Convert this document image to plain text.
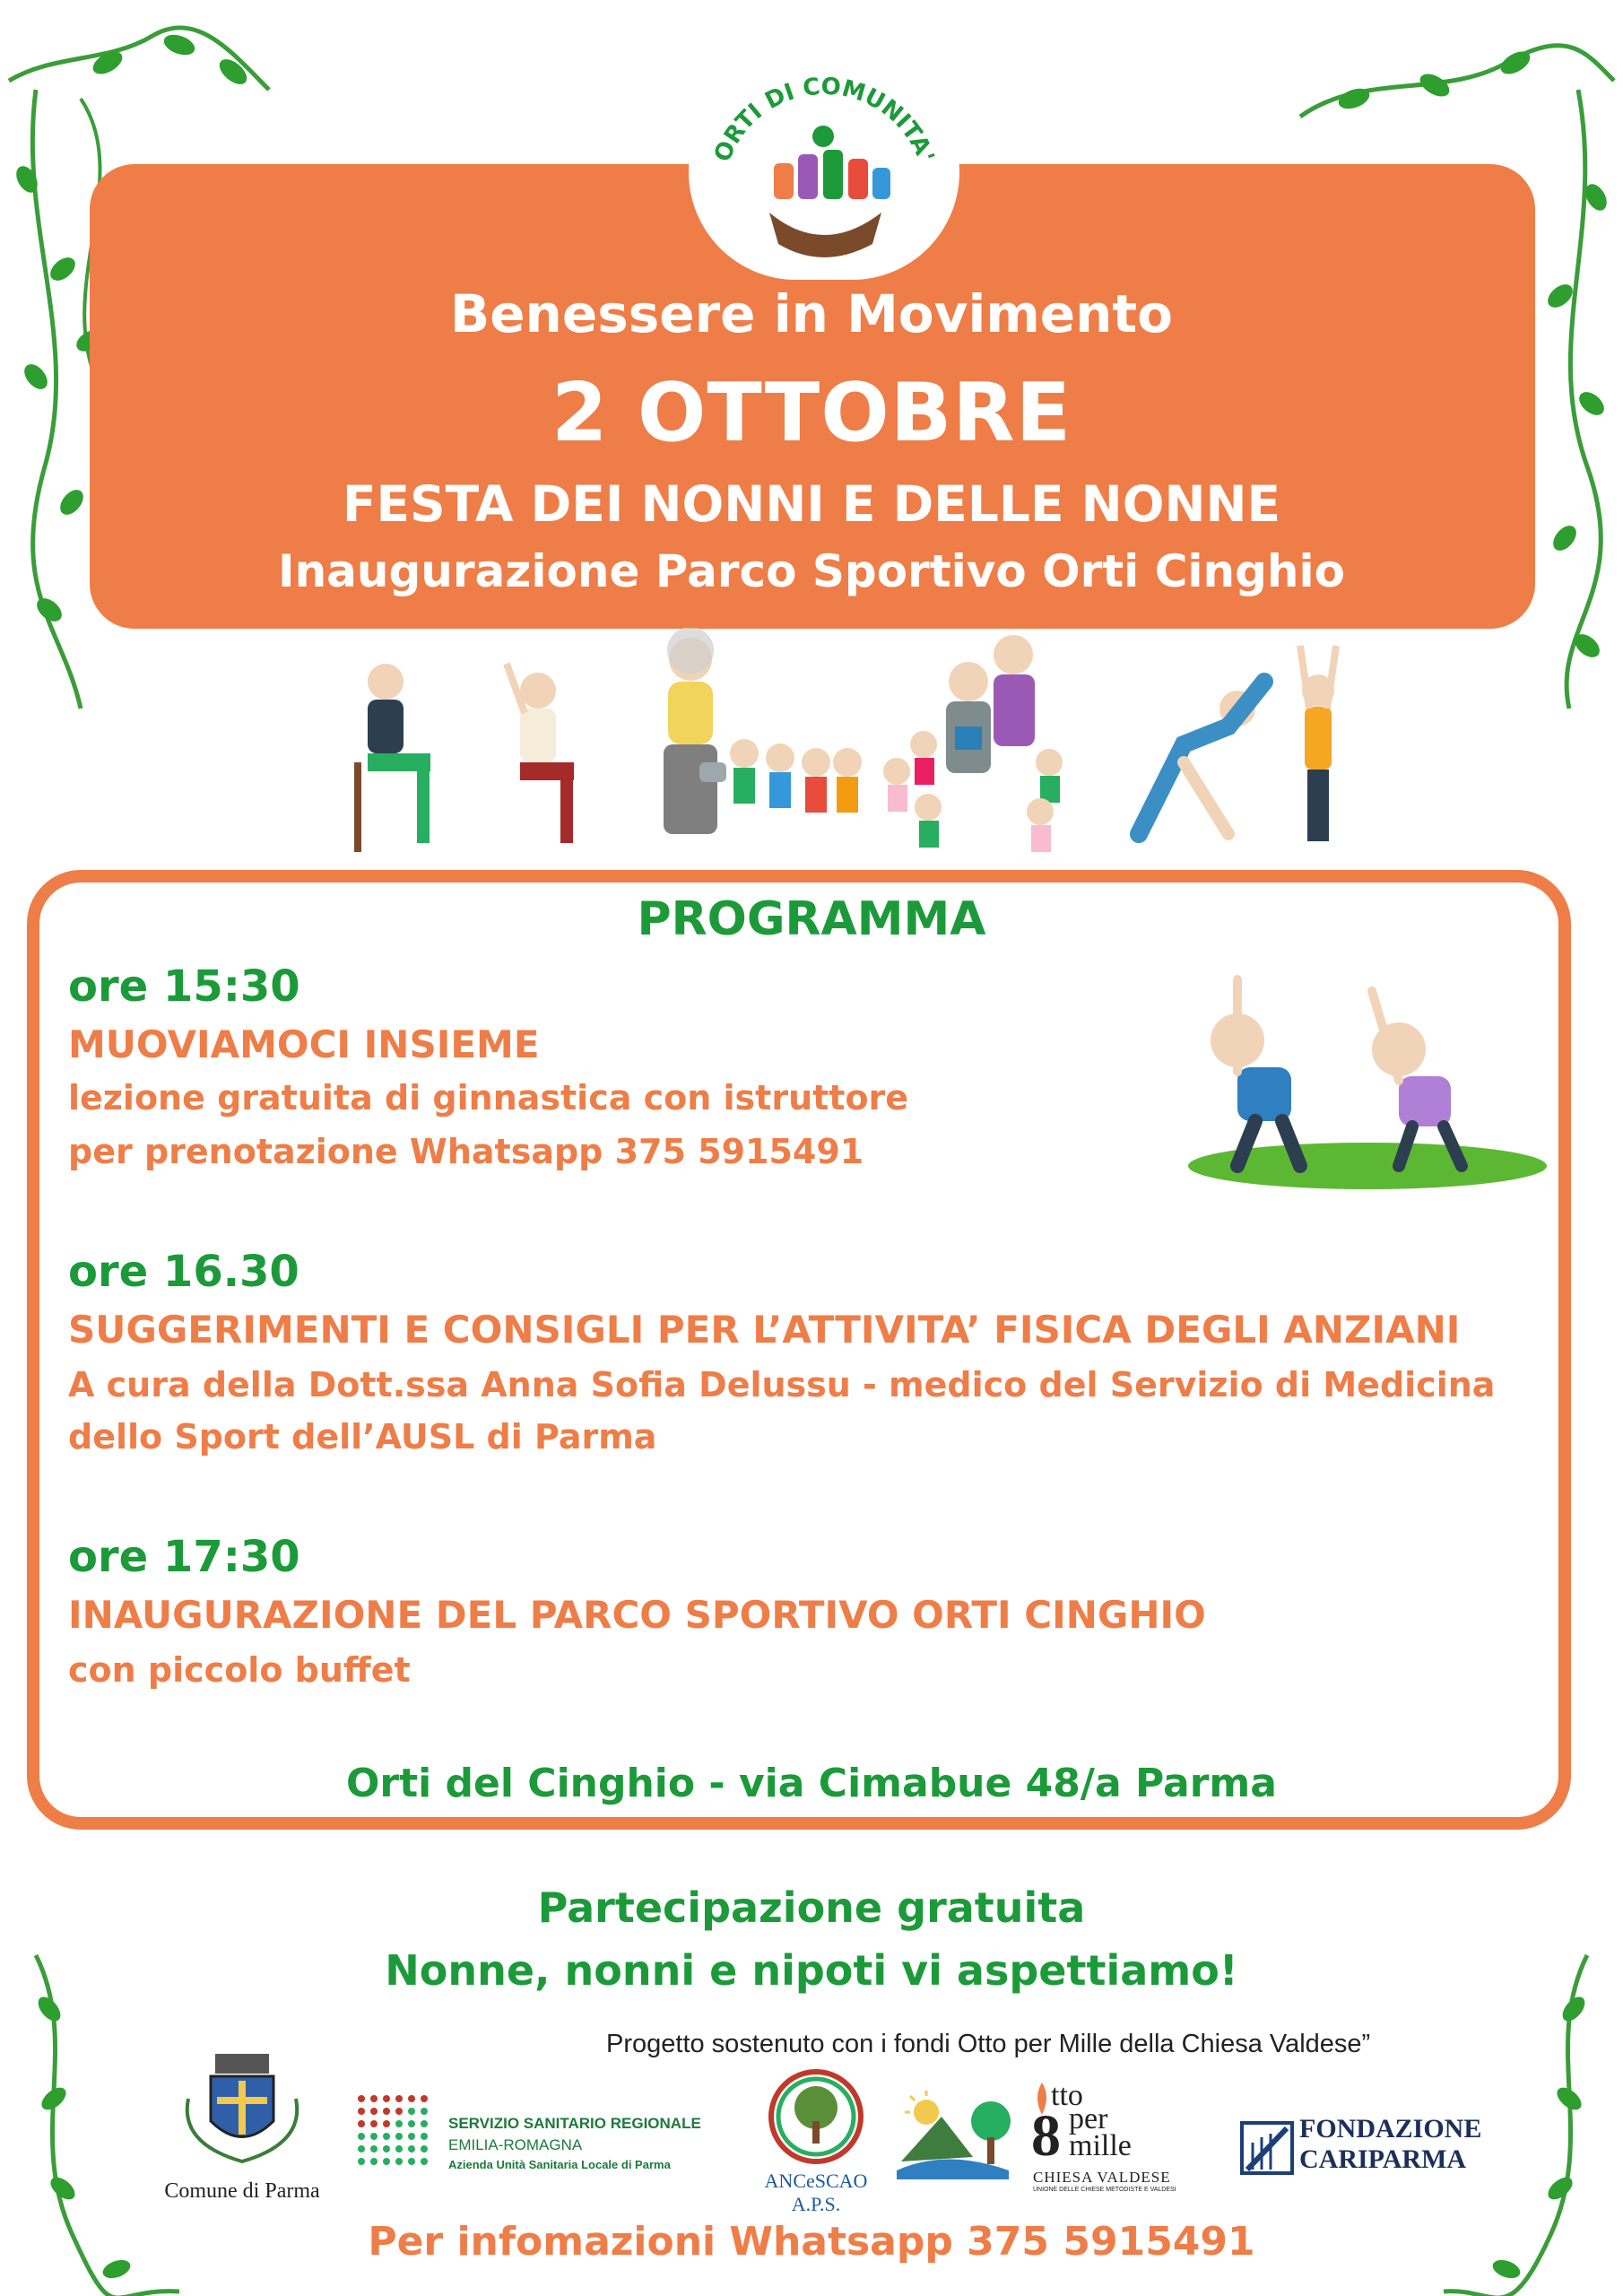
ORTI DI COMUNITA'
Benessere in Movimento
2 OTTOBRE
FESTA DEI NONNI E DELLE NONNE
Inaugurazione Parco Sportivo Orti Cinghio
PROGRAMMA
ore 15:30
MUOVIAMOCI INSIEME
lezione gratuita di ginnastica con istruttore
per prenotazione Whatsapp 375 5915491
ore 16.30
SUGGERIMENTI E CONSIGLI PER L’ATTIVITA’ FISICA DEGLI ANZIANI
A cura della Dott.ssa Anna Sofia Delussu - medico del Servizio di Medicina
dello Sport dell’AUSL di Parma
ore 17:30
INAUGURAZIONE DEL PARCO SPORTIVO ORTI CINGHIO
con piccolo buffet
Orti del Cinghio - via Cimabue 48/a Parma
Partecipazione gratuita
Nonne, nonni e nipoti vi aspettiamo!
Progetto sostenuto con i fondi Otto per Mille della Chiesa Valdese”
Comune di Parma
SERVIZIO SANITARIO REGIONALE
EMILIA-ROMAGNA
Azienda Unità Sanitaria Locale di Parma
ANCeSCAO
A.P.S.
tto
8 per
mille
CHIESA VALDESE
UNIONE DELLE CHIESE METODISTE E VALDESI
FONDAZIONE
CARIPARMA
Per infomazioni Whatsapp 375 5915491
